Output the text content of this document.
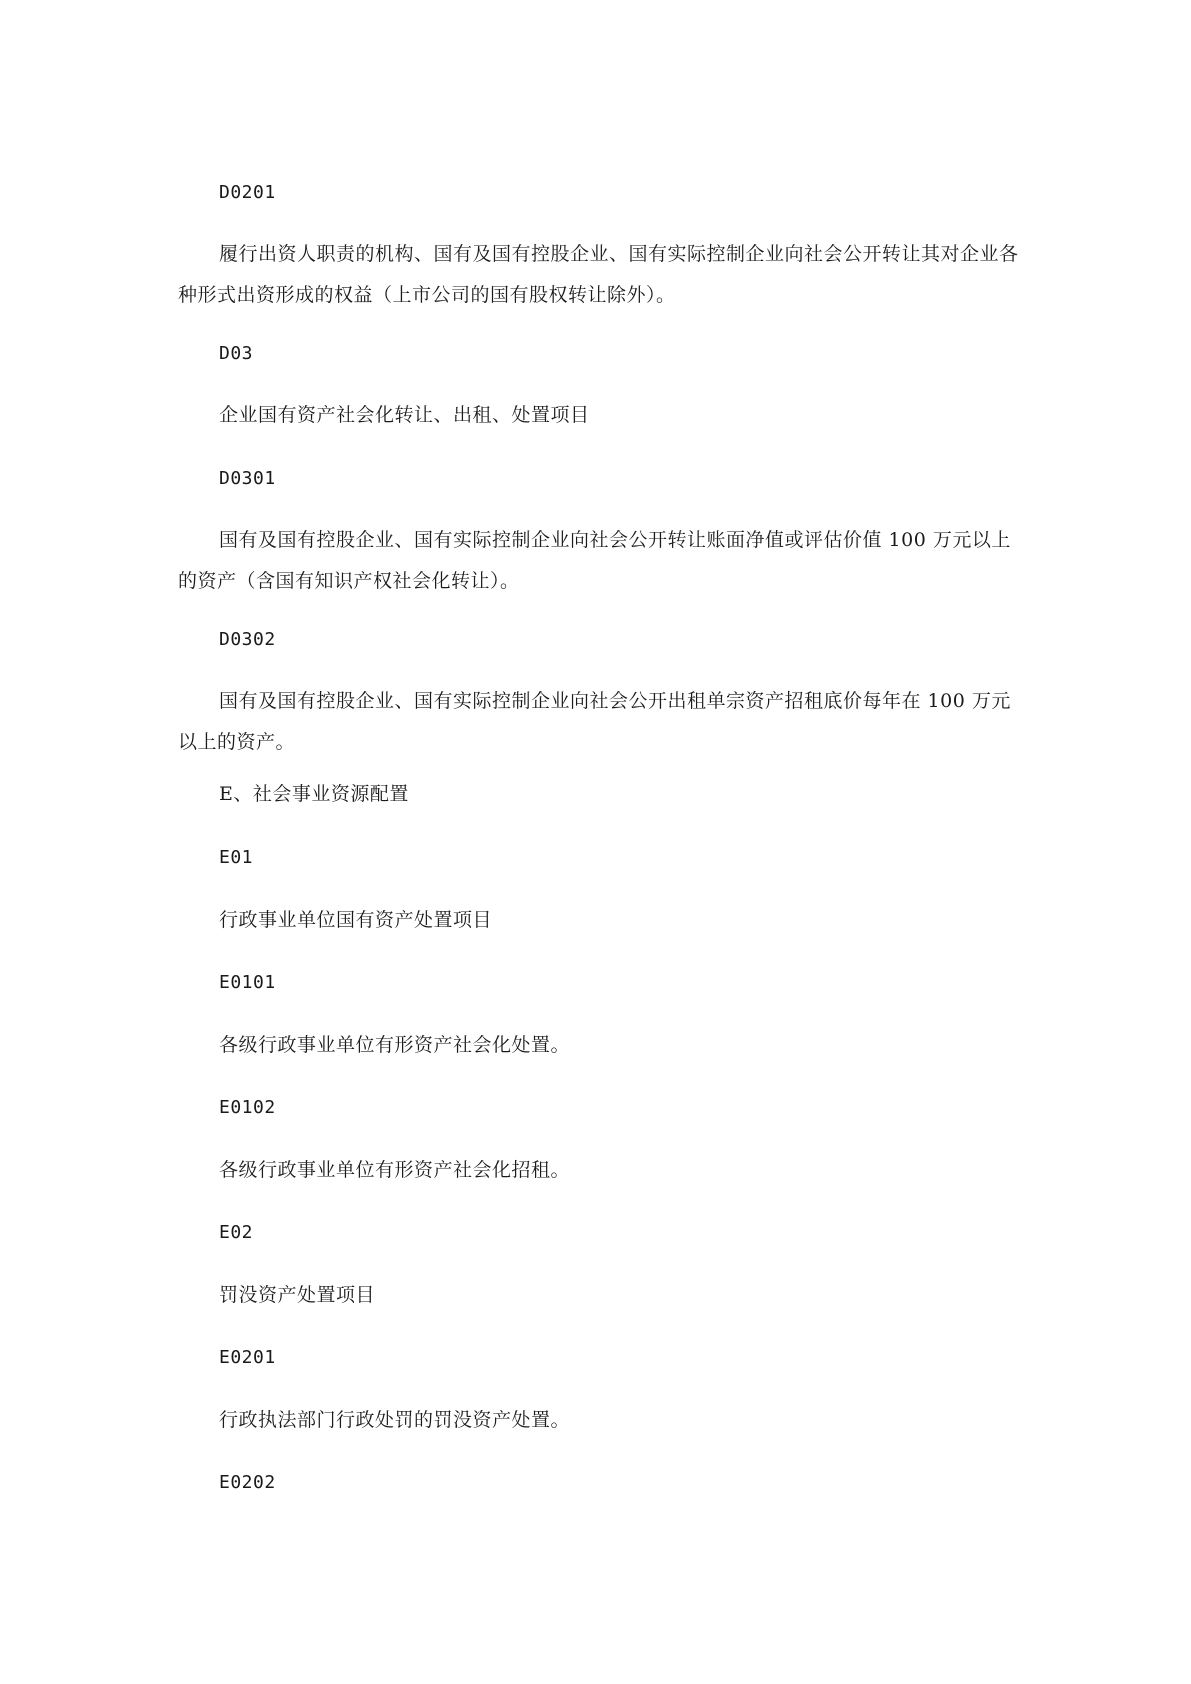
D0201

履行出资人职责的机构、国有及国有控股企业、国有实际控制企业向社会公开转让其对企业各种形式出资形成的权益（上市公司的国有股权转让除外）。

D03

企业国有资产社会化转让、出租、处置项目

D0301

国有及国有控股企业、国有实际控制企业向社会公开转让账面净值或评估价值 100 万元以上的资产（含国有知识产权社会化转让）。

D0302

国有及国有控股企业、国有实际控制企业向社会公开出租单宗资产招租底价每年在 100 万元以上的资产。

E、社会事业资源配置

E01

行政事业单位国有资产处置项目

E0101

各级行政事业单位有形资产社会化处置。

E0102

各级行政事业单位有形资产社会化招租。

E02

罚没资产处置项目

E0201

行政执法部门行政处罚的罚没资产处置。

E0202
